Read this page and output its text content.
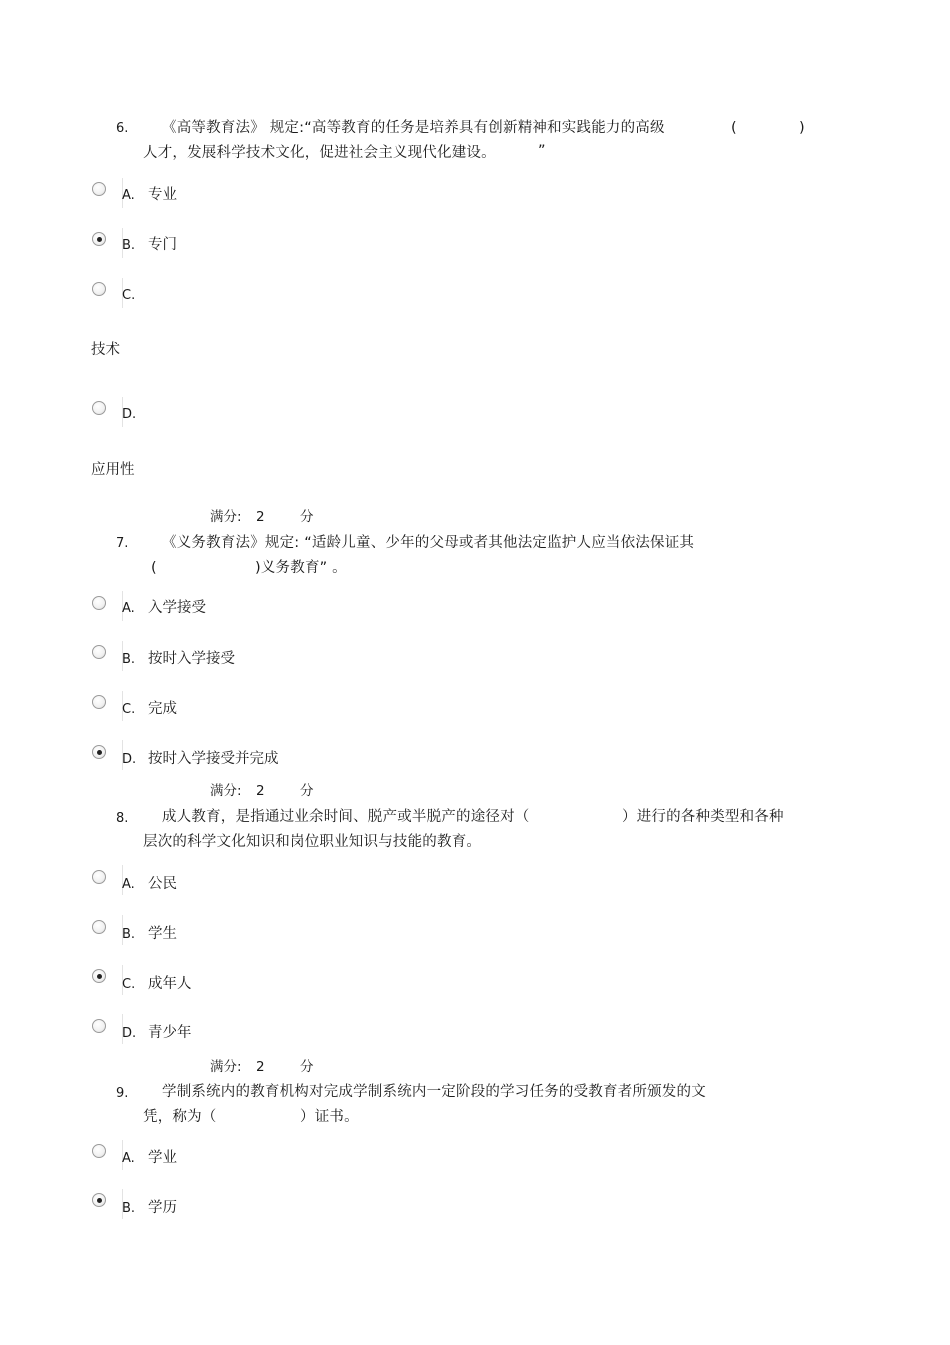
6. 《高等教育法》 规定:“高等教育的任务是培养具有创新精神和实践能力的高级	(	)
人才，发展科学技术文化，促进社会主义现代化建设。	”
A. 专业
B. 专门
C.
技术
D.
应用性
满分: 2	分
7. 《义务教育法》规定: “适龄儿童、少年的父母或者其他法定监护人应当依法保证其
(	)义务教育” 。
A. 入学接受
B. 按时入学接受
C. 完成
D. 按时入学接受并完成
满分: 2	分
8. 成人教育，是指通过业余时间、脱产或半脱产的途径对（	）进行的各种类型和各种
层次的科学文化知识和岗位职业知识与技能的教育。
A. 公民
B. 学生
C. 成年人
D. 青少年
满分: 2	分
9. 学制系统内的教育机构对完成学制系统内一定阶段的学习任务的受教育者所颁发的文
凭，称为（	）证书。
A. 学业
B. 学历
